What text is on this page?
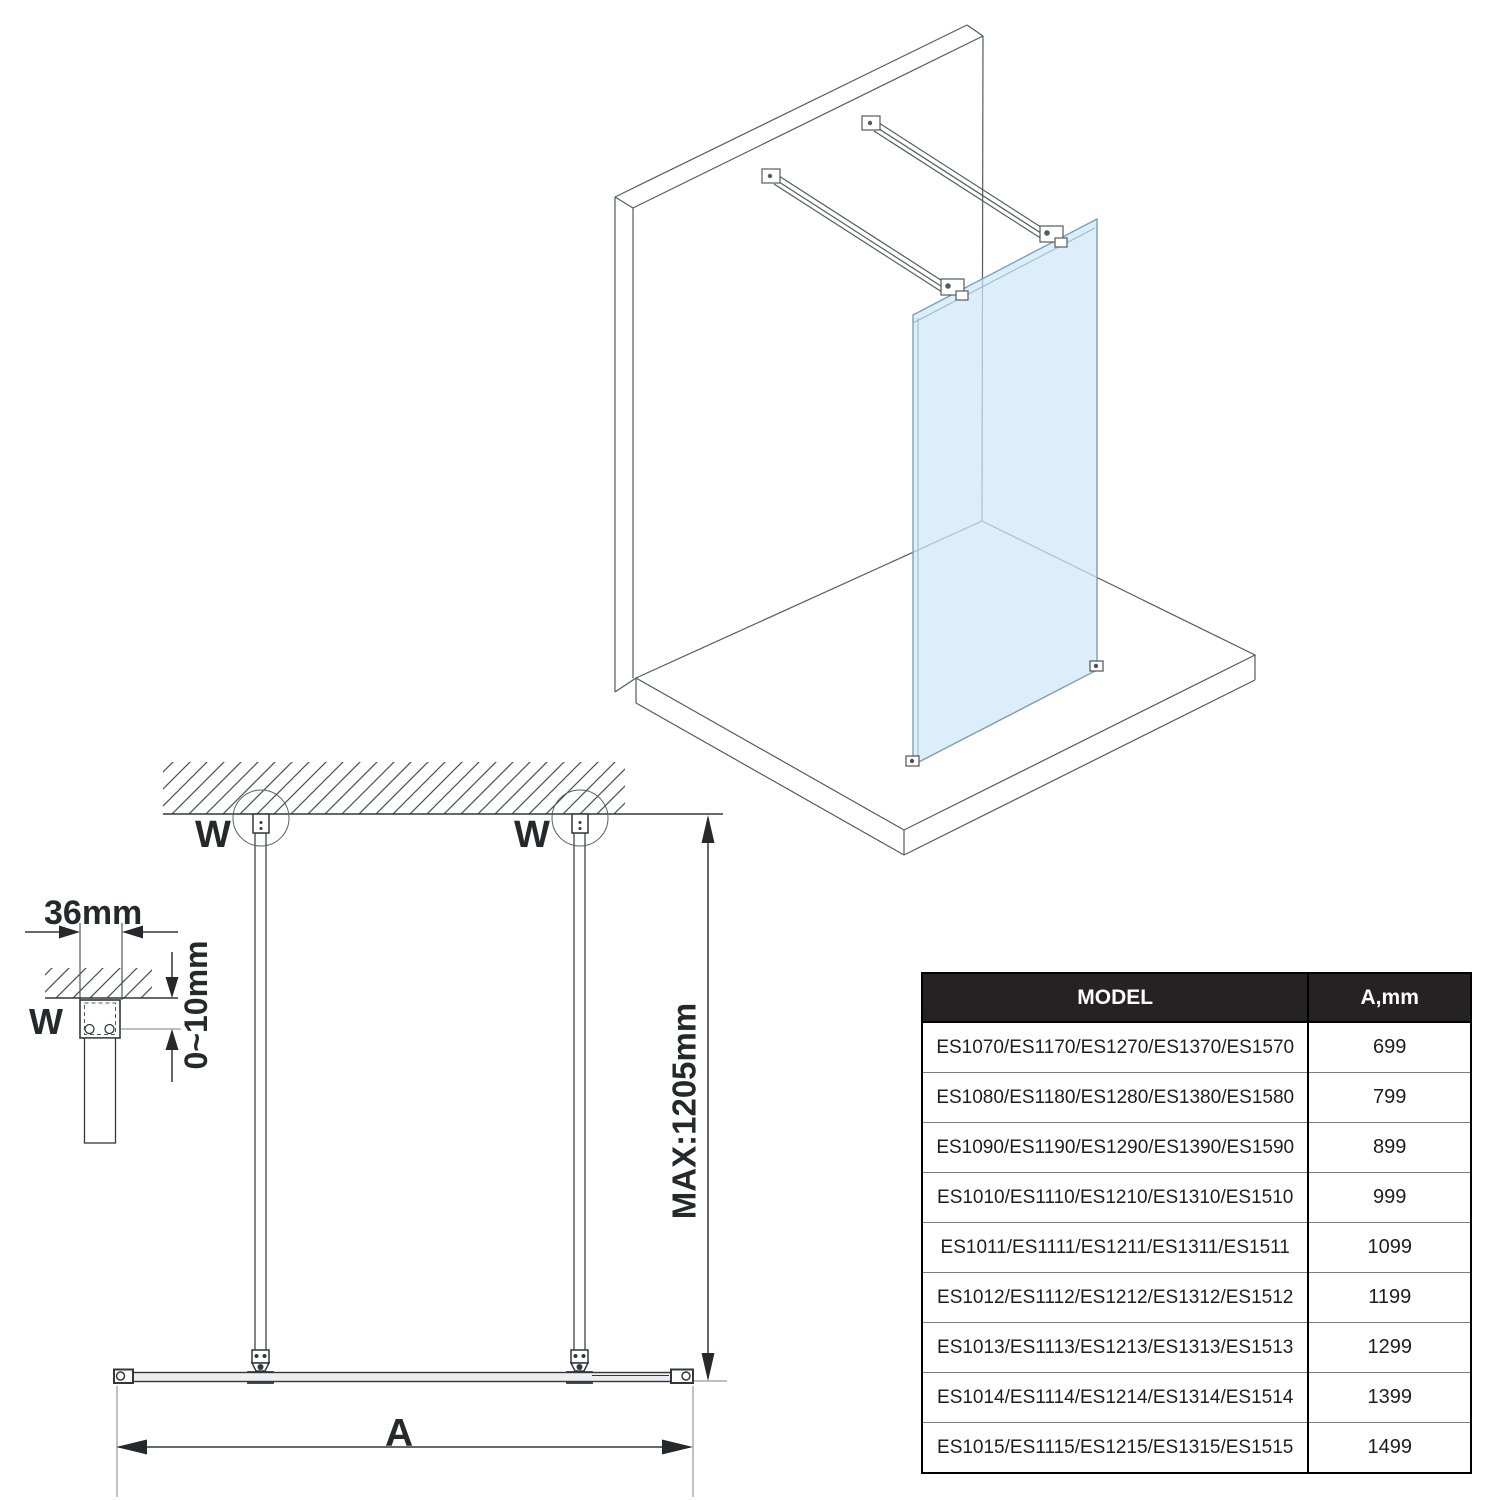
36mm
W	0~10mm
W	W
MAX:1205mm
A
MODEL	A,mm
ES1070/ES1170/ES1270/ES1370/ES1570	699
ES1080/ES1180/ES1280/ES1380/ES1580	799
ES1090/ES1190/ES1290/ES1390/ES1590	899
ES1010/ES1110/ES1210/ES1310/ES1510	999
ES1011/ES1111/ES1211/ES1311/ES1511	1099
ES1012/ES1112/ES1212/ES1312/ES1512	1199
ES1013/ES1113/ES1213/ES1313/ES1513	1299
ES1014/ES1114/ES1214/ES1314/ES1514	1399
ES1015/ES1115/ES1215/ES1315/ES1515	1499
